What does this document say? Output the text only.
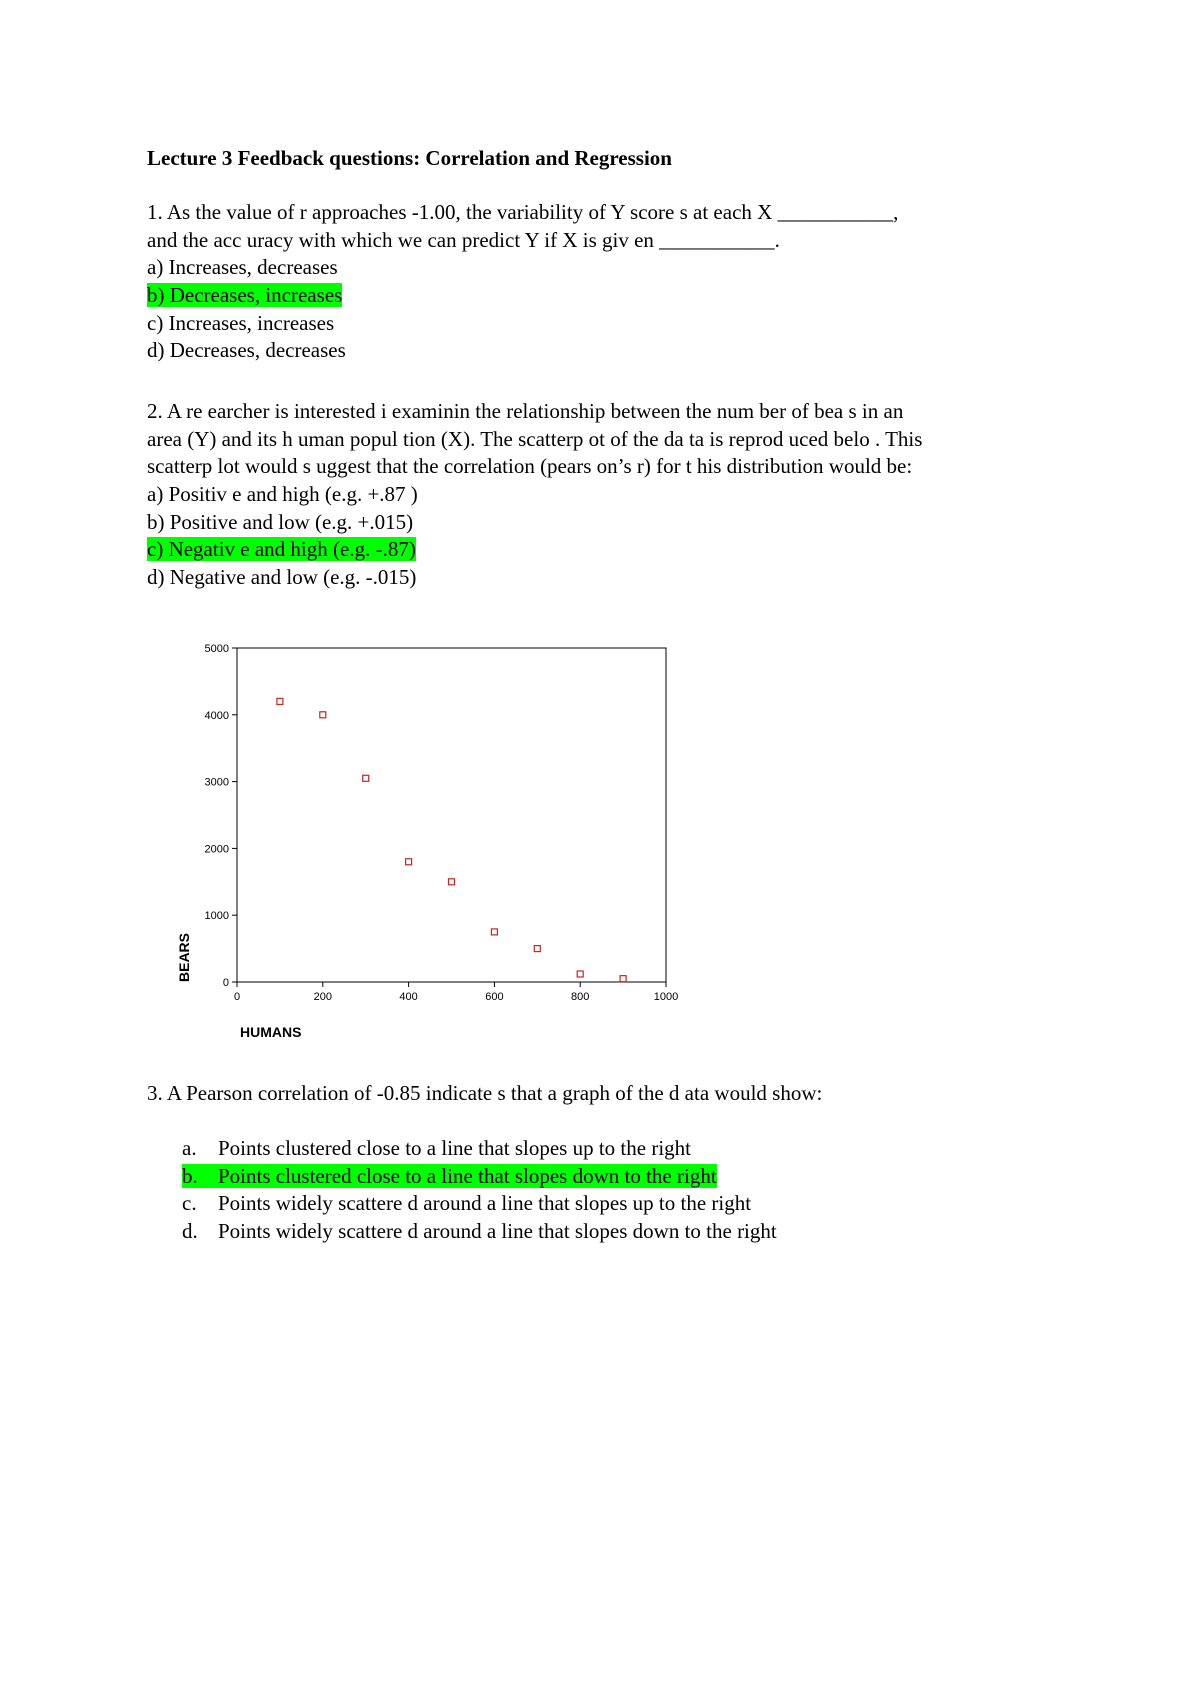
Lecture 3 Feedback questions: Correlation and Regression
1. As the value of r approaches -1.00, the variability of Y score s at each X ___________,
and the acc uracy with which we can predict Y if X is giv en ___________.
a) Increases, decreases
b) Decreases, increases
c) Increases, increases
d) Decreases, decreases
2. A re earcher is interested i examinin the relationship between the num ber of bea s in an
area (Y) and its h uman popul tion (X). The scatterp ot of the da ta is reprod uced belo . This
scatterp lot would s uggest that the correlation (pears on’s r) for t his distribution would be:
a) Positiv e and high (e.g. +.87 )
b) Positive and low (e.g. +.015)
c) Negativ e and high (e.g. -.87)
d) Negative and low (e.g. -.015)
0
1000
2000
3000
4000
5000
0	200	400	600	800	1000
HUMANS
BEARS
3. A Pearson correlation of -0.85 indicate s that a graph of the d ata would show:
a. Points clustered close to a line that slopes up to the right
b. Points clustered close to a line that slopes down to the right
c. Points widely scattere d around a line that slopes up to the right
d. Points widely scattere d around a line that slopes down to the right
